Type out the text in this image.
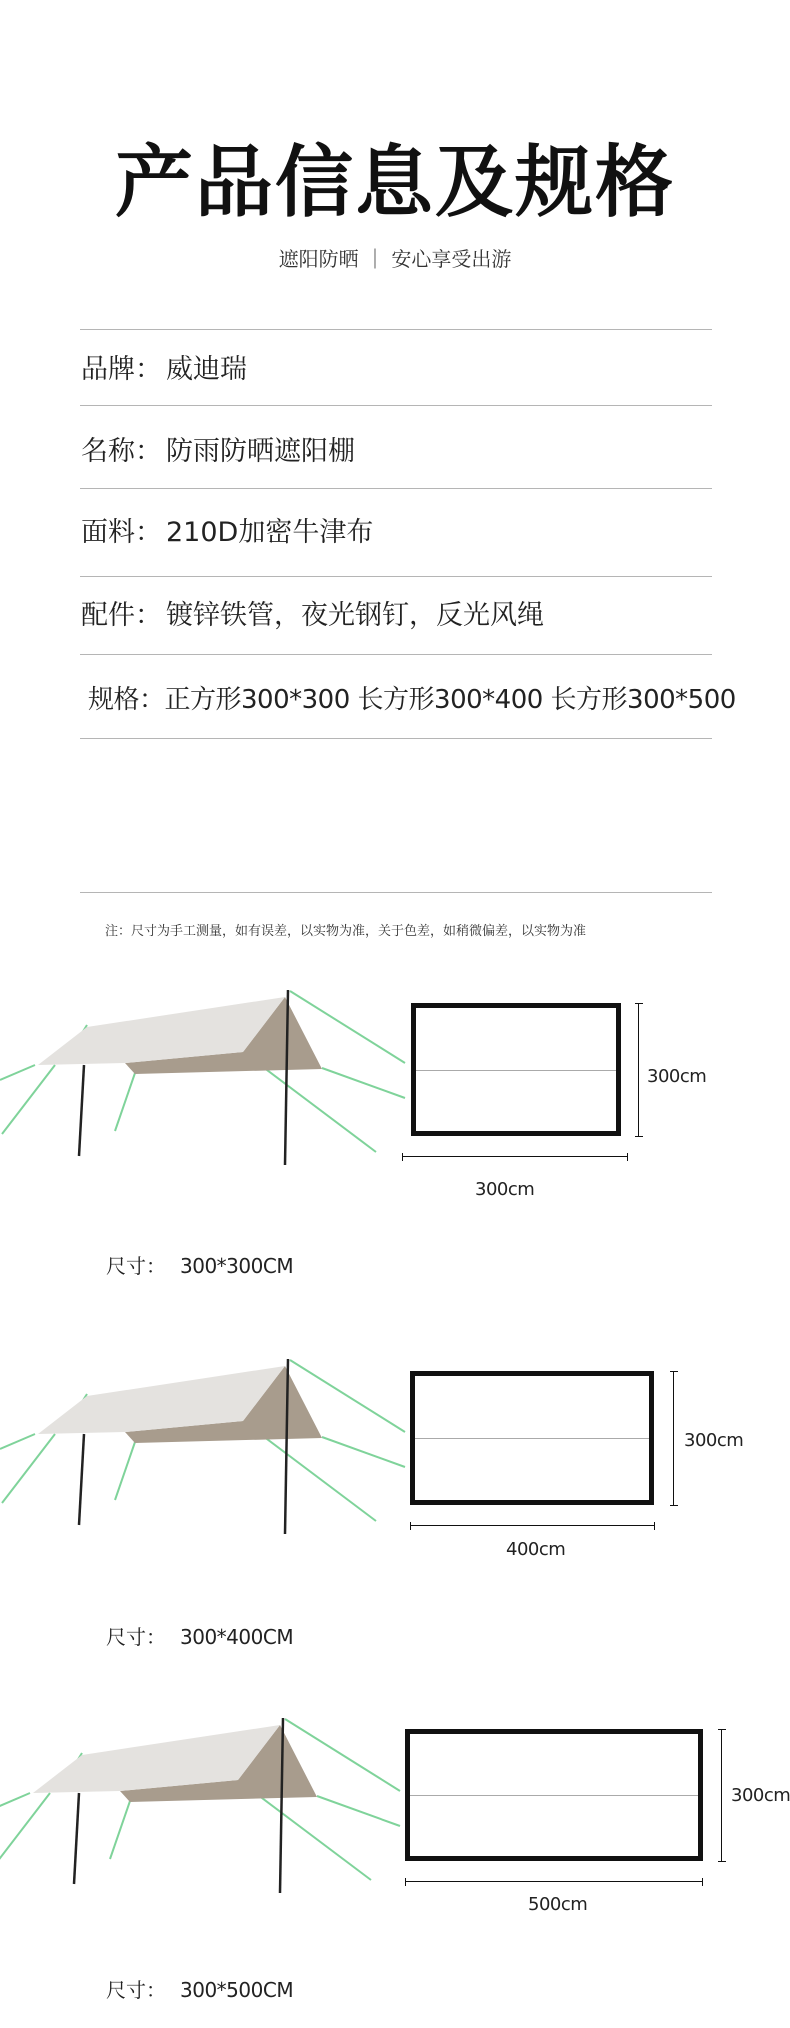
产品信息及规格
遮阳防晒 ｜ 安心享受出游
品牌： 威迪瑞
名称： 防雨防晒遮阳棚
面料： 210D加密牛津布
配件： 镀锌铁管，夜光钢钉，反光风绳
规格：正方形300*300 长方形300*400 长方形300*500
注：尺寸为手工测量，如有误差，以实物为准，关于色差，如稍微偏差，以实物为准
300cm
300cm
尺寸： 300*300CM
300cm
400cm
尺寸： 300*400CM
300cm
500cm
尺寸： 300*500CM
